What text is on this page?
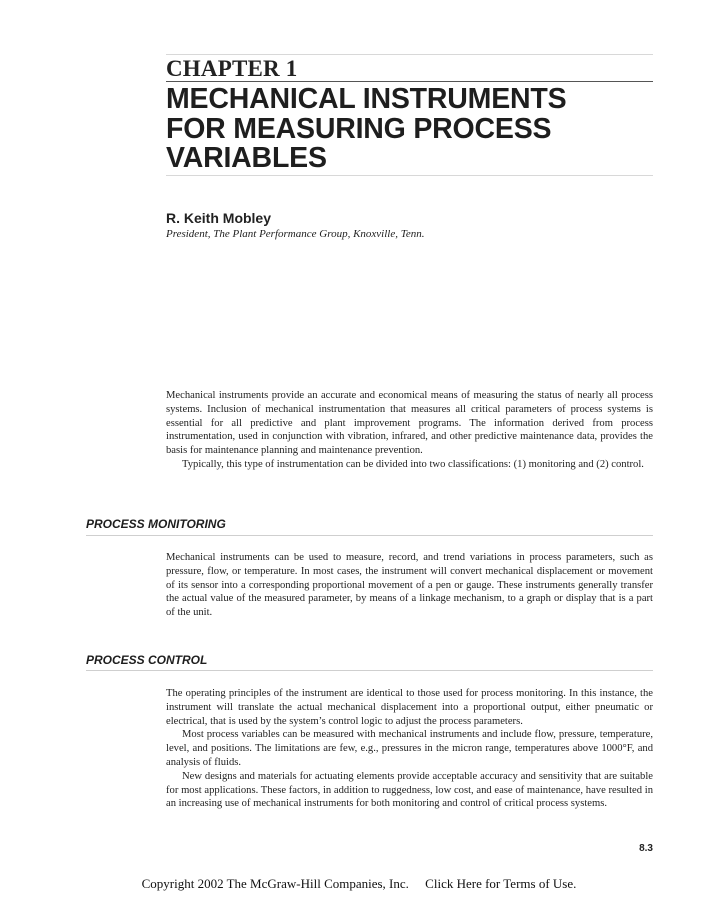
CHAPTER 1
MECHANICAL INSTRUMENTS
FOR MEASURING PROCESS
VARIABLES
R. Keith Mobley
President, The Plant Performance Group, Knoxville, Tenn.

Mechanical instruments provide an accurate and economical means of measuring the status of nearly all process systems. Inclusion of mechanical instrumentation that measures all critical parameters of process systems is essential for all predictive and plant improvement programs. The information derived from process instrumentation, used in conjunction with vibration, infrared, and other predictive maintenance data, provides the basis for maintenance planning and maintenance prevention.

Typically, this type of instrumentation can be divided into two classifications: (1) monitoring and (2) control.

PROCESS MONITORING

Mechanical instruments can be used to measure, record, and trend variations in process parameters, such as pressure, flow, or temperature. In most cases, the instrument will convert mechanical displacement or movement of its sensor into a corresponding proportional movement of a pen or gauge. These instruments generally transfer the actual value of the measured parameter, by means of a linkage mechanism, to a graph or display that is a part of the unit.

PROCESS CONTROL

The operating principles of the instrument are identical to those used for process monitoring. In this instance, the instrument will translate the actual mechanical displacement into a proportional output, either pneumatic or electrical, that is used by the system’s control logic to adjust the process parameters.

Most process variables can be measured with mechanical instruments and include flow, pressure, temperature, level, and positions. The limitations are few, e.g., pressures in the micron range, temperatures above 1000°F, and analysis of fluids.

New designs and materials for actuating elements provide acceptable accuracy and sensitivity that are suitable for most applications. These factors, in addition to ruggedness, low cost, and ease of maintenance, have resulted in an increasing use of mechanical instruments for both monitoring and control of critical process systems.

8.3
Copyright 2002 The McGraw-Hill Companies, Inc. Click Here for Terms of Use.
